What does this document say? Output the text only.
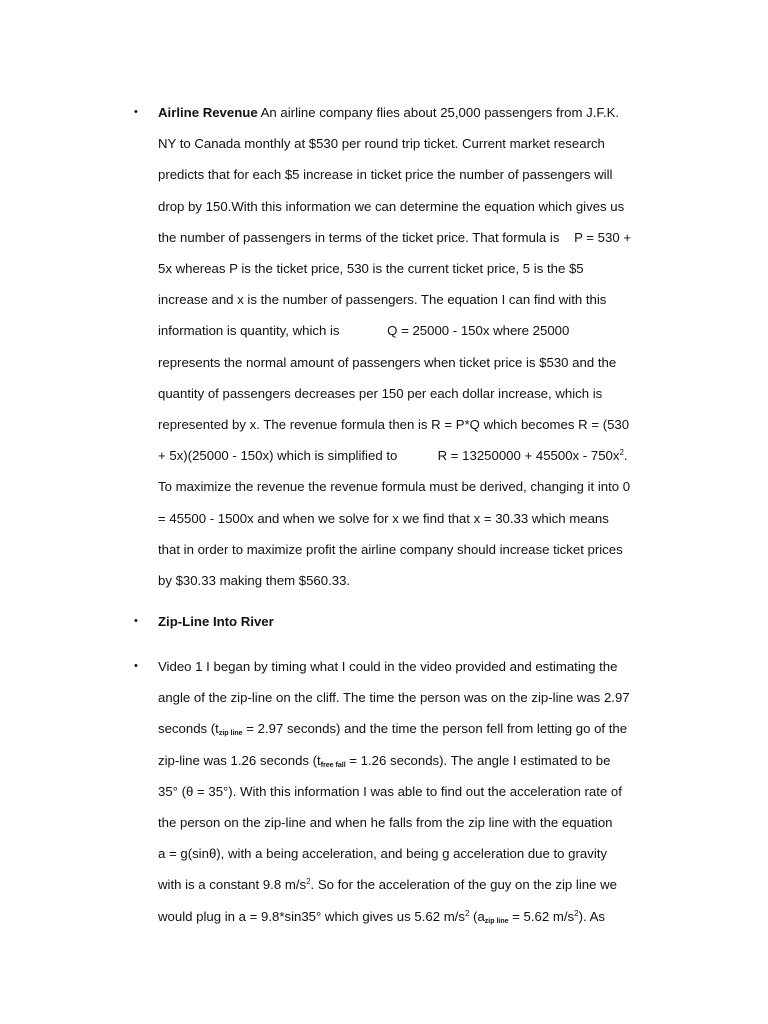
• Airline Revenue An airline company flies about 25,000 passengers from J.F.K.

NY to Canada monthly at $530 per round trip ticket. Current market research

predicts that for each $5 increase in ticket price the number of passengers will

drop by 150.With this information we can determine the equation which gives us

the number of passengers in terms of the ticket price. That formula is    P = 530 +

5x whereas P is the ticket price, 530 is the current ticket price, 5 is the $5

increase and x is the number of passengers. The equation I can find with this

information is quantity, which is             Q = 25000 - 150x where 25000

represents the normal amount of passengers when ticket price is $530 and the

quantity of passengers decreases per 150 per each dollar increase, which is

represented by x. The revenue formula then is R = P*Q which becomes R = (530

+ 5x)(25000 - 150x) which is simplified to           $R = 13250000 + 45500x - 750x^2$.

To maximize the revenue the revenue formula must be derived, changing it into 0

= 45500 - 1500x and when we solve for x we find that x = 30.33 which means

that in order to maximize profit the airline company should increase ticket prices

by $30.33 making them $560.33.

• Zip-Line Into River

• Video 1 I began by timing what I could in the video provided and estimating the

angle of the zip-line on the cliff. The time the person was on the zip-line was 2.97

seconds ($t_{zip line} = 2.97$ seconds) and the time the person fell from letting go of the

zip-line was 1.26 seconds ($t_{free fall} = 1.26$ seconds). The angle I estimated to be

35° (θ = 35°). With this information I was able to find out the acceleration rate of

the person on the zip-line and when he falls from the zip line with the equation

a = g(sinθ), with a being acceleration, and being g acceleration due to gravity

with is a constant 9.8 $m/s^2$. So for the acceleration of the guy on the zip line we

would plug in a = 9.8*sin35° which gives us 5.62 $m/s^2$ ($a_{zip line} = 5.62$ $m/s^2$). As
